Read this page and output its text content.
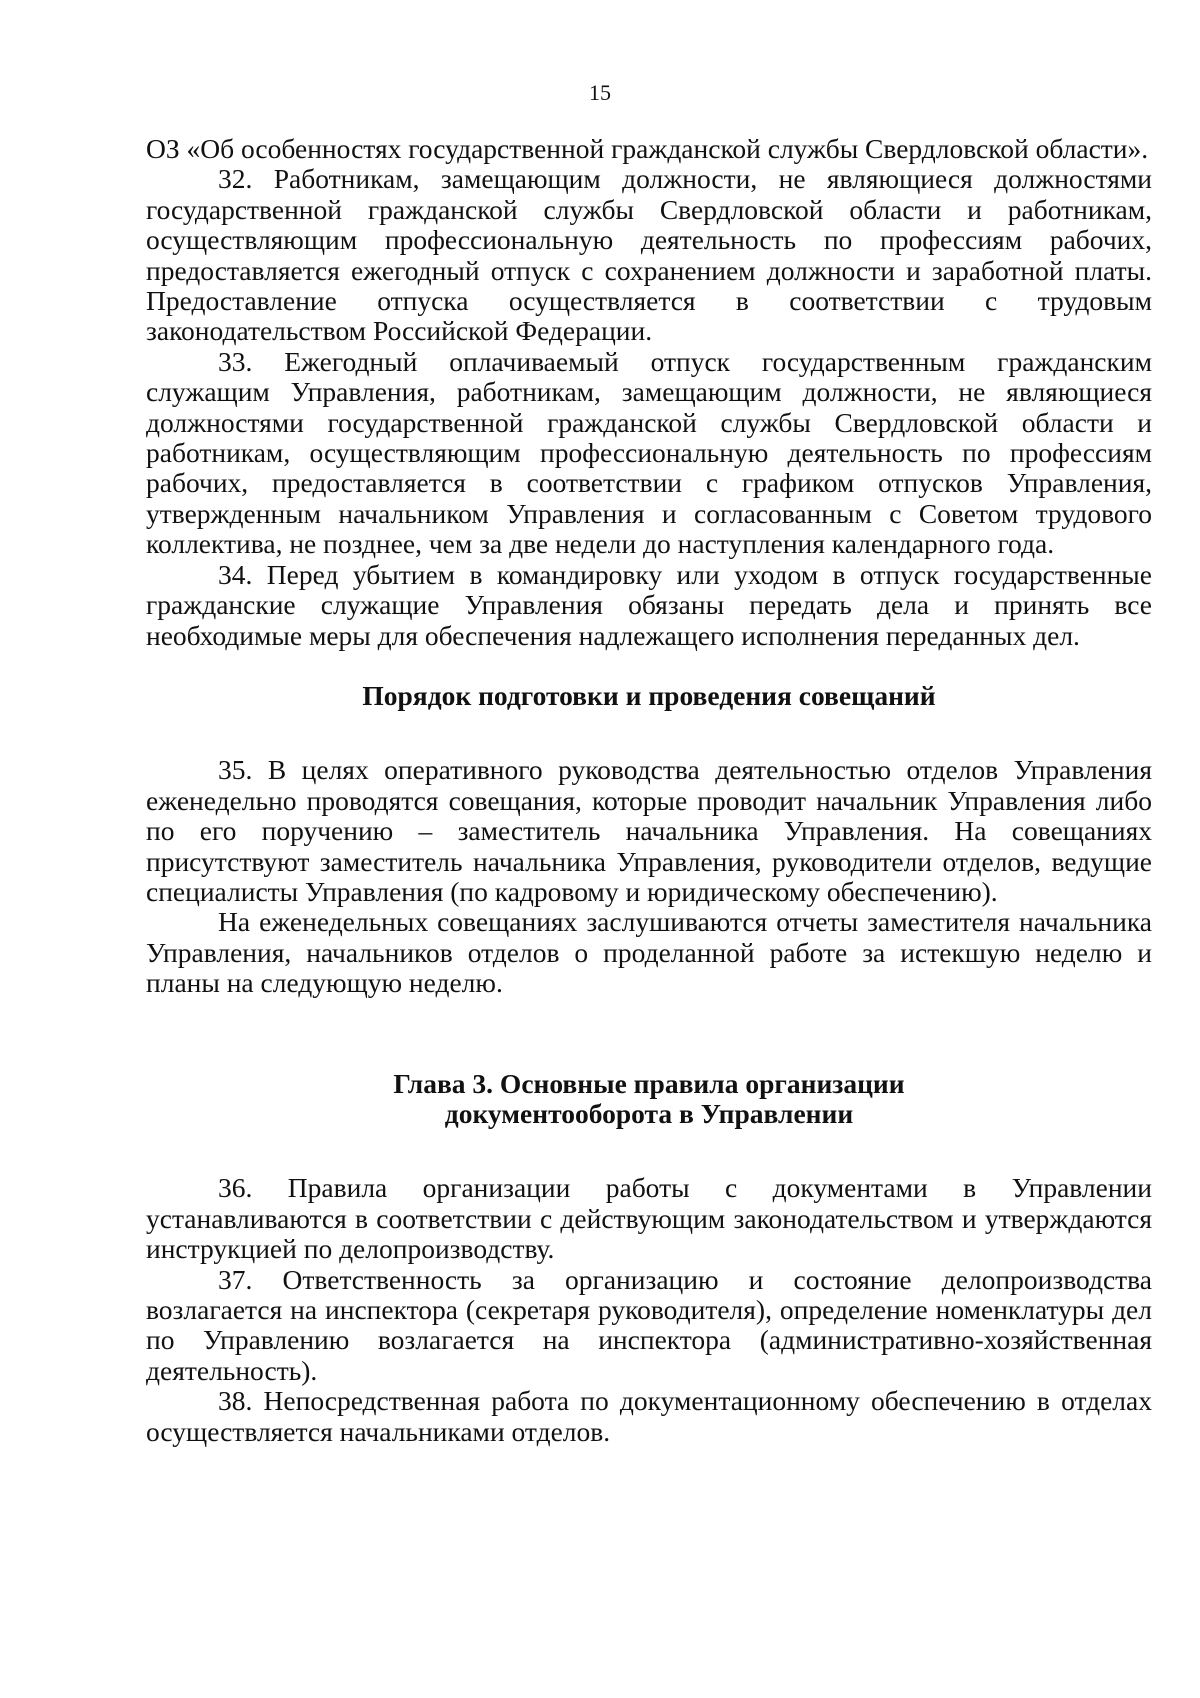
15

ОЗ «Об особенностях государственной гражданской службы Свердловской области».

32. Работникам, замещающим должности, не являющиеся должностями государственной гражданской службы Свердловской области и работникам, осуществляющим профессиональную деятельность по профессиям рабочих, предоставляется ежегодный отпуск с сохранением должности и заработной платы. Предоставление отпуска осуществляется в соответствии с трудовым законодательством Российской Федерации.

33. Ежегодный оплачиваемый отпуск государственным гражданским служащим Управления, работникам, замещающим должности, не являющиеся должностями государственной гражданской службы Свердловской области и работникам, осуществляющим профессиональную деятельность по профессиям рабочих, предоставляется в соответствии с графиком отпусков Управления, утвержденным начальником Управления и согласованным с Советом трудового коллектива, не позднее, чем за две недели до наступления календарного года.

34. Перед убытием в командировку или уходом в отпуск государственные гражданские служащие Управления обязаны передать дела и принять все необходимые меры для обеспечения надлежащего исполнения переданных дел.

Порядок подготовки и проведения совещаний

35. В целях оперативного руководства деятельностью отделов Управления еженедельно проводятся совещания, которые проводит начальник Управления либо по его поручению – заместитель начальника Управления. На совещаниях присутствуют заместитель начальника Управления, руководители отделов, ведущие специалисты Управления (по кадровому и юридическому обеспечению).

На еженедельных совещаниях заслушиваются отчеты заместителя начальника Управления, начальников отделов о проделанной работе за истекшую неделю и планы на следующую неделю.

Глава 3. Основные правила организации
документооборота в Управлении

36. Правила организации работы с документами в Управлении устанавливаются в соответствии с действующим законодательством и утверждаются инструкцией по делопроизводству.

37. Ответственность за организацию и состояние делопроизводства возлагается на инспектора (секретаря руководителя), определение номенклатуры дел по Управлению возлагается на инспектора (административно-хозяйственная деятельность).

38. Непосредственная работа по документационному обеспечению в отделах осуществляется начальниками отделов.
